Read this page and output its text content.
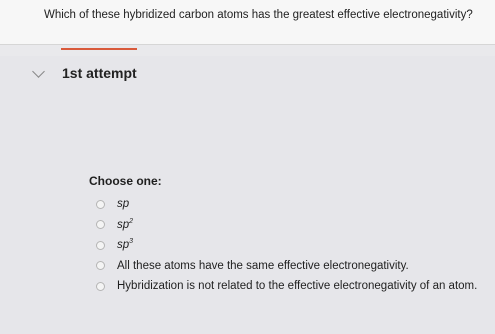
Which of these hybridized carbon atoms has the greatest effective electronegativity?
1st attempt
Choose one:
sp
$sp^2$
$sp^3$
All these atoms have the same effective electronegativity.
Hybridization is not related to the effective electronegativity of an atom.
